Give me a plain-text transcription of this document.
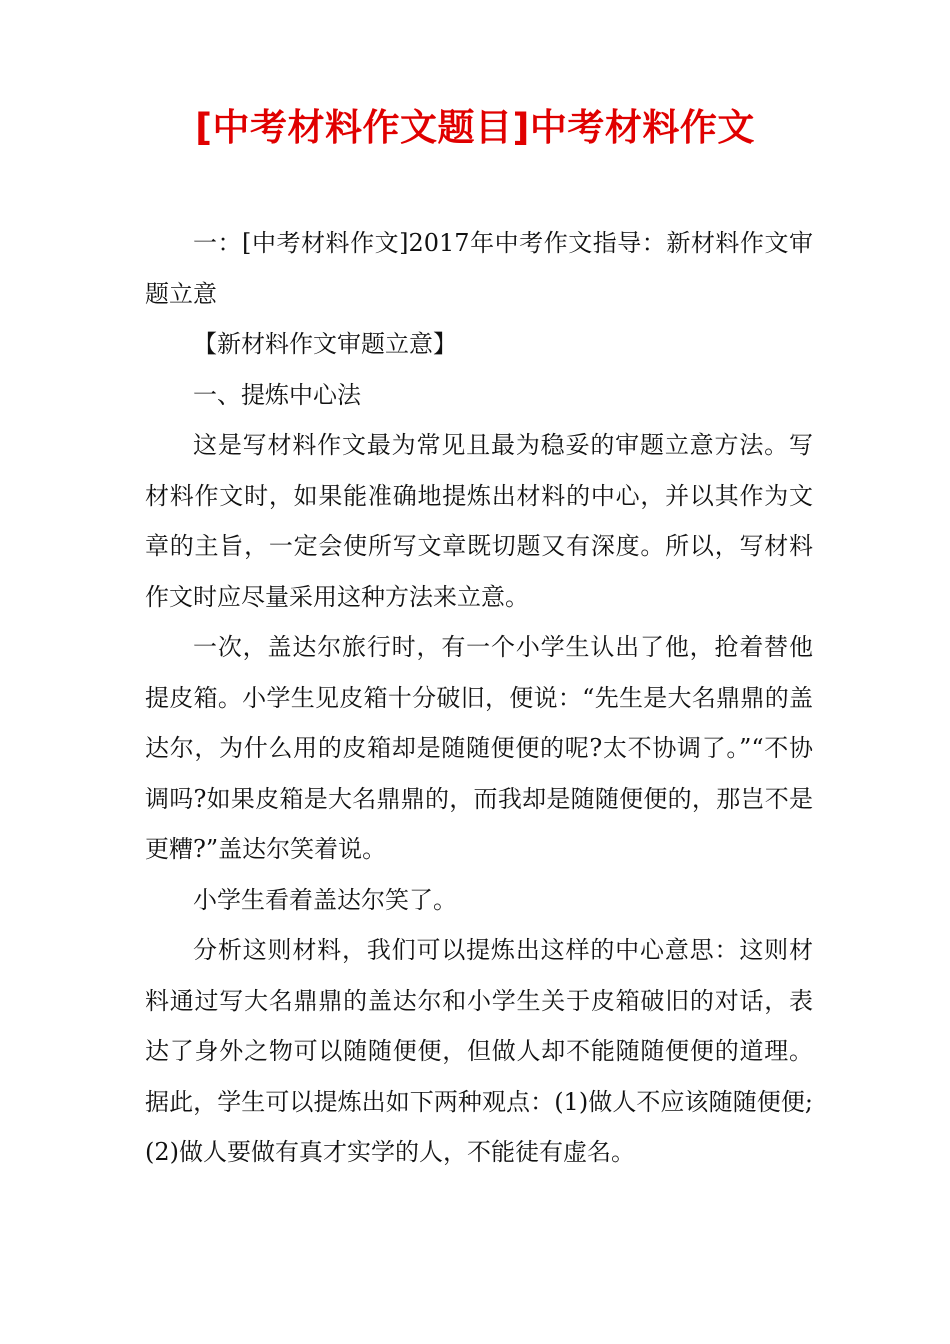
[中考材料作文题目]中考材料作文

一：[中考材料作文]2017年中考作文指导：新材料作文审题立意

【新材料作文审题立意】

一、提炼中心法

这是写材料作文最为常见且最为稳妥的审题立意方法。写材料作文时，如果能准确地提炼出材料的中心，并以其作为文章的主旨，一定会使所写文章既切题又有深度。所以，写材料作文时应尽量采用这种方法来立意。

一次，盖达尔旅行时，有一个小学生认出了他，抢着替他提皮箱。小学生见皮箱十分破旧，便说：“先生是大名鼎鼎的盖达尔，为什么用的皮箱却是随随便便的呢?太不协调了。”“不协调吗?如果皮箱是大名鼎鼎的，而我却是随随便便的，那岂不是更糟?”盖达尔笑着说。

小学生看着盖达尔笑了。

分析这则材料，我们可以提炼出这样的中心意思：这则材料通过写大名鼎鼎的盖达尔和小学生关于皮箱破旧的对话，表达了身外之物可以随随便便，但做人却不能随随便便的道理。据此，学生可以提炼出如下两种观点：(1)做人不应该随随便便;(2)做人要做有真才实学的人，不能徒有虚名。
